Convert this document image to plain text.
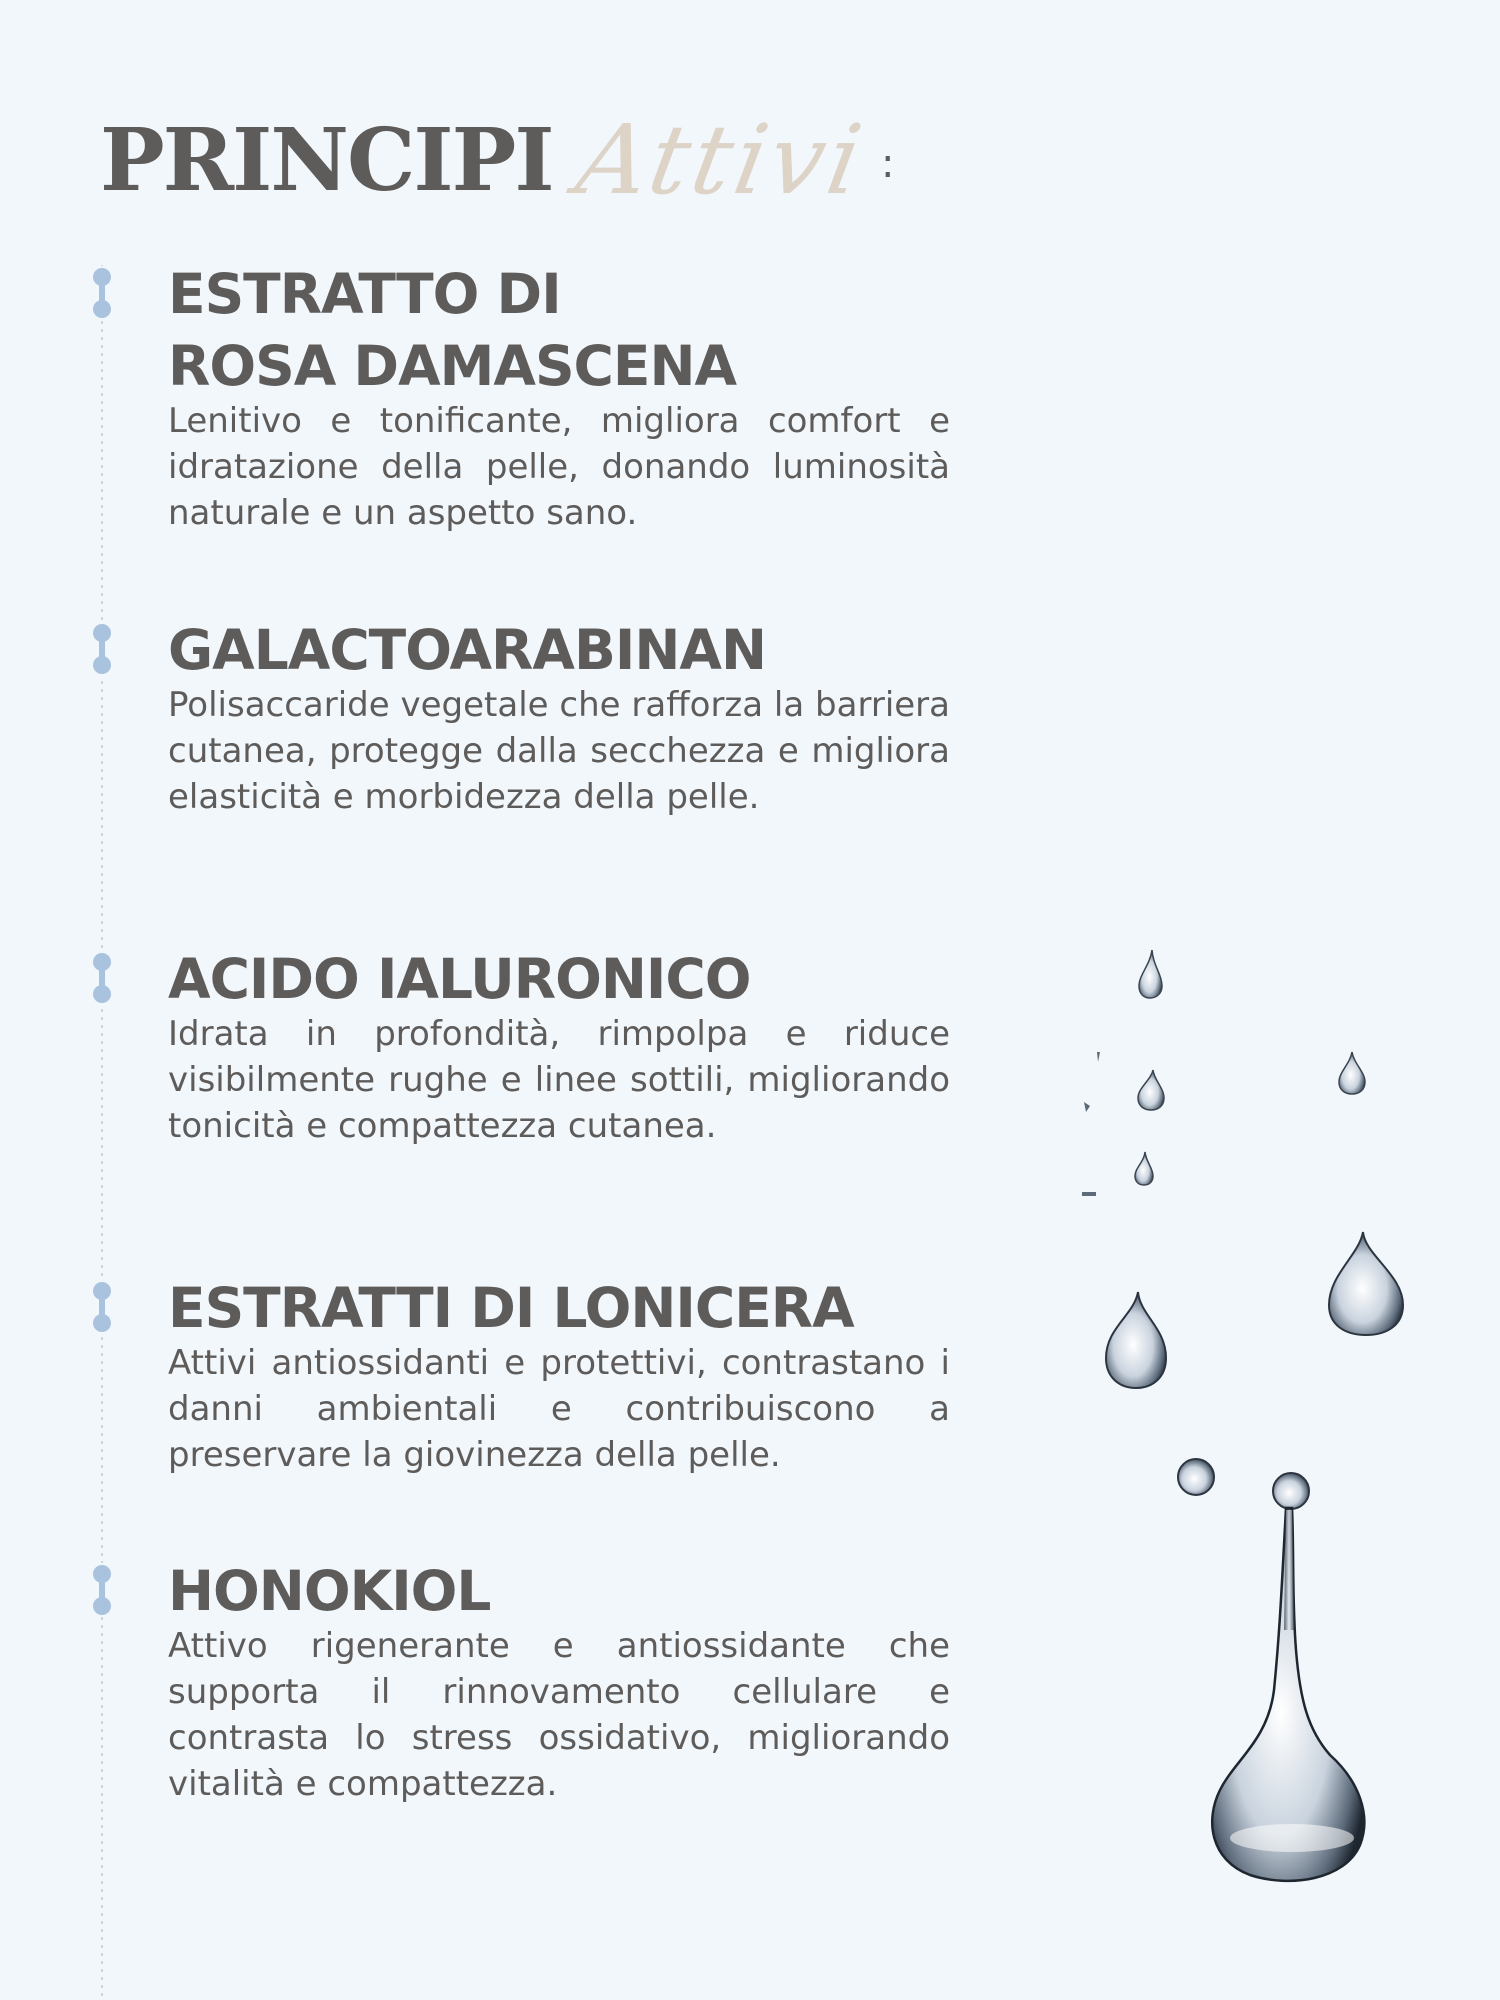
PRINCIPI Attivi :
ESTRATTO DI
ROSA DAMASCENA

Lenitivo e tonificante, migliora comfort e idratazione della pelle, donando luminosità naturale e un aspetto sano.

GALACTOARABINAN

Polisaccaride vegetale che rafforza la barriera cutanea, protegge dalla secchezza e migliora elasticità e morbidezza della pelle.

ACIDO IALURONICO

Idrata in profondità, rimpolpa e riduce visibilmente rughe e linee sottili, migliorando tonicità e compattezza cutanea.

ESTRATTI DI LONICERA

Attivi antiossidanti e protettivi, contrastano i danni ambientali e contribuiscono a preservare la giovinezza della pelle.

HONOKIOL

Attivo rigenerante e antiossidante che supporta il rinnovamento cellulare e contrasta lo stress ossidativo, migliorando vitalità e compattezza.
